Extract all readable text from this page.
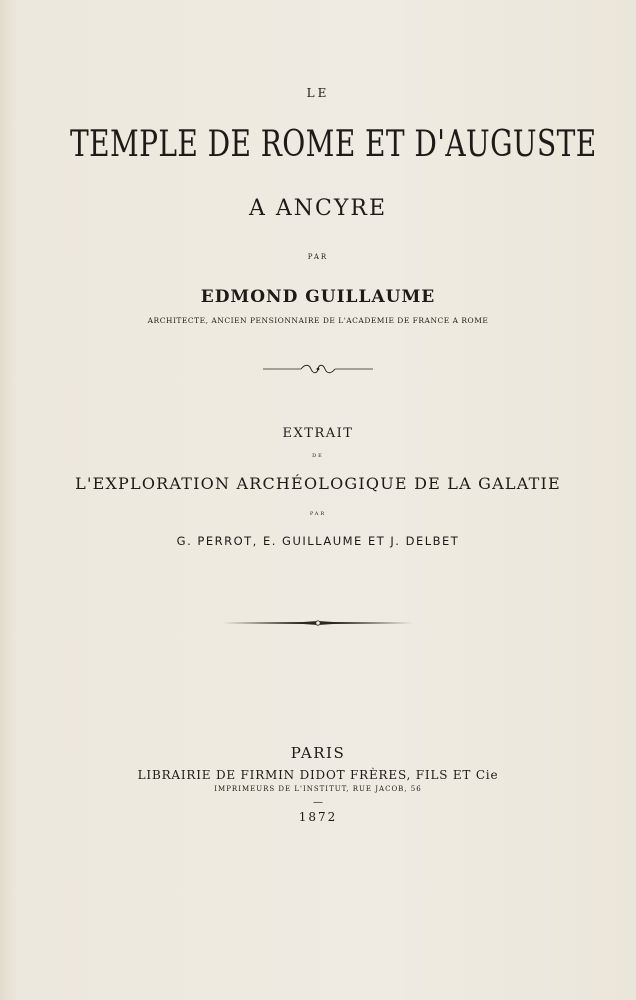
LE
TEMPLE DE ROME ET D'AUGUSTE
A ANCYRE
PAR
EDMOND GUILLAUME
ARCHITECTE, ANCIEN PENSIONNAIRE DE L'ACADEMIE DE FRANCE A ROME
EXTRAIT
DE
L'EXPLORATION ARCHÉOLOGIQUE DE LA GALATIE
PAR
G. PERROT, E. GUILLAUME ET J. DELBET
PARIS
LIBRAIRIE DE FIRMIN DIDOT FRÈRES, FILS ET Cie
IMPRIMEURS DE L'INSTITUT, RUE JACOB, 56
—
1872
